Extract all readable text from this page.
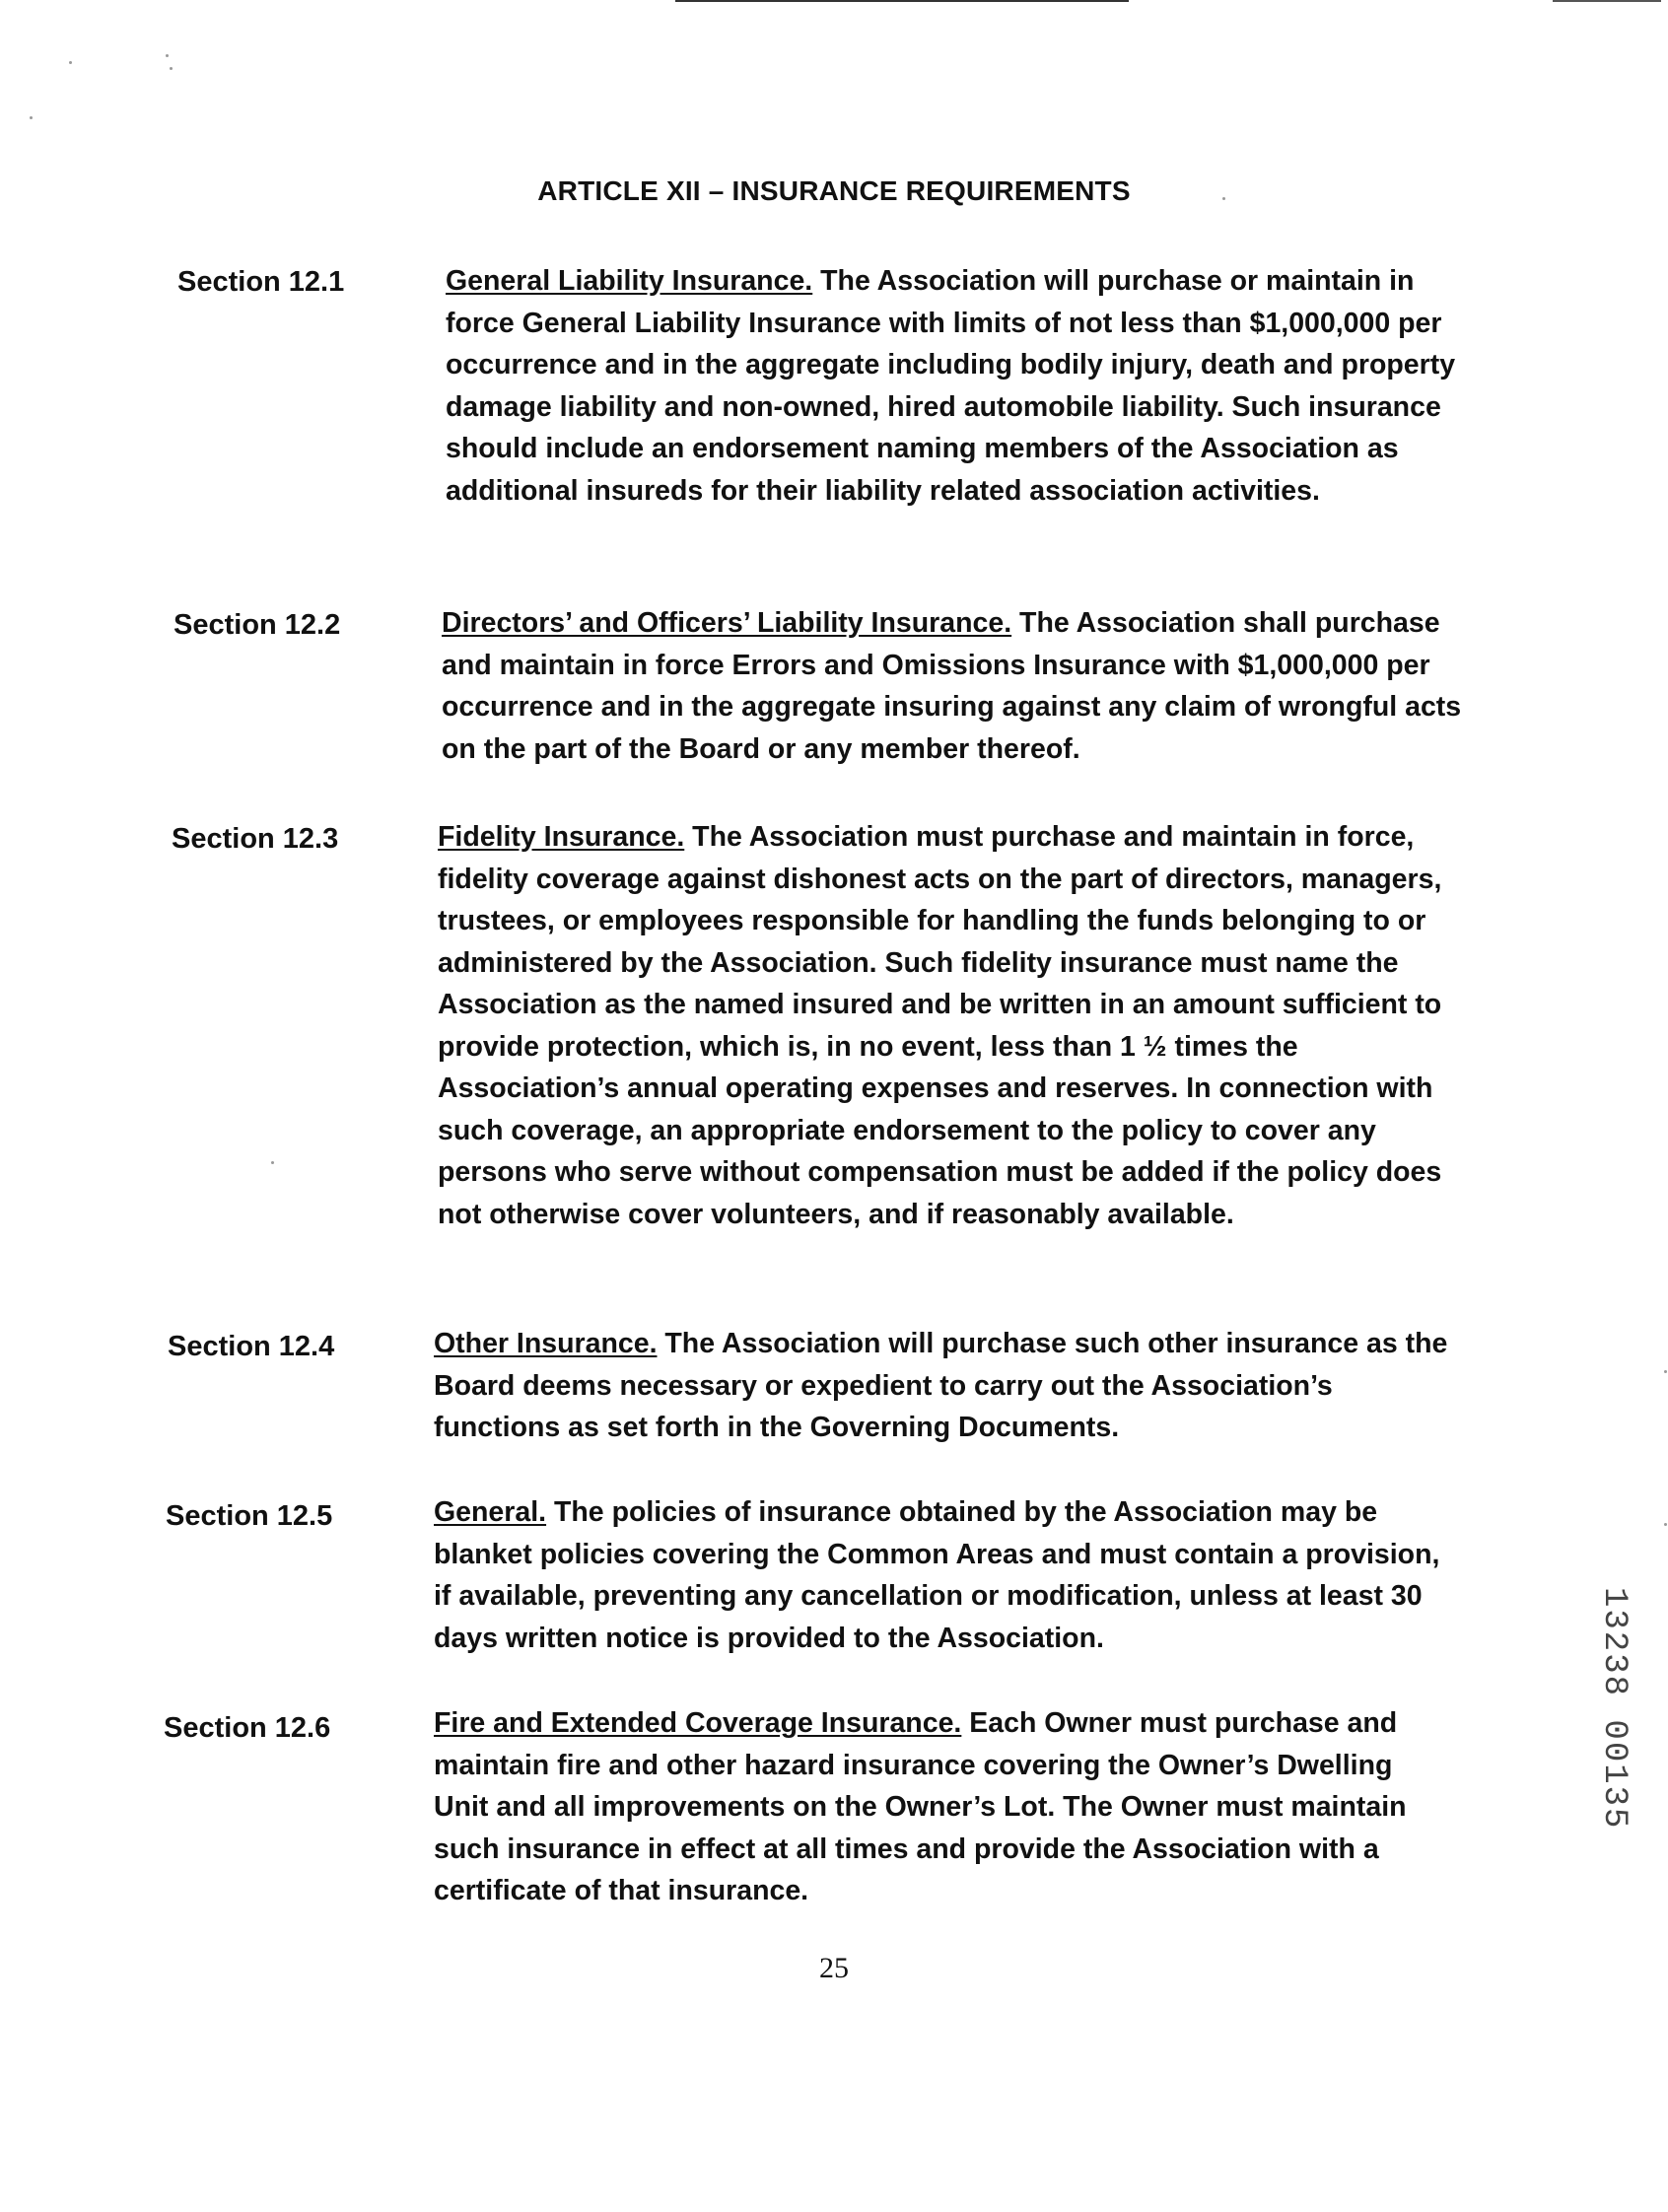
ARTICLE XII – INSURANCE REQUIREMENTS
Section 12.1	General Liability Insurance. The Association will purchase or maintain in force General Liability Insurance with limits of not less than $1,000,000 per occurrence and in the aggregate including bodily injury, death and property damage liability and non-owned, hired automobile liability. Such insurance should include an endorsement naming members of the Association as additional insureds for their liability related association activities.
Section 12.2	Directors’ and Officers’ Liability Insurance. The Association shall purchase and maintain in force Errors and Omissions Insurance with $1,000,000 per occurrence and in the aggregate insuring against any claim of wrongful acts on the part of the Board or any member thereof.
Section 12.3	Fidelity Insurance. The Association must purchase and maintain in force, fidelity coverage against dishonest acts on the part of directors, managers, trustees, or employees responsible for handling the funds belonging to or administered by the Association. Such fidelity insurance must name the Association as the named insured and be written in an amount sufficient to provide protection, which is, in no event, less than 1 ½ times the Association’s annual operating expenses and reserves. In connection with such coverage, an appropriate endorsement to the policy to cover any persons who serve without compensation must be added if the policy does not otherwise cover volunteers, and if reasonably available.
Section 12.4	Other Insurance. The Association will purchase such other insurance as the Board deems necessary or expedient to carry out the Association’s functions as set forth in the Governing Documents.
Section 12.5	General. The policies of insurance obtained by the Association may be blanket policies covering the Common Areas and must contain a provision, if available, preventing any cancellation or modification, unless at least 30 days written notice is provided to the Association.
Section 12.6	Fire and Extended Coverage Insurance. Each Owner must purchase and maintain fire and other hazard insurance covering the Owner’s Dwelling Unit and all improvements on the Owner’s Lot. The Owner must maintain such insurance in effect at all times and provide the Association with a certificate of that insurance.
25
13238 00135
